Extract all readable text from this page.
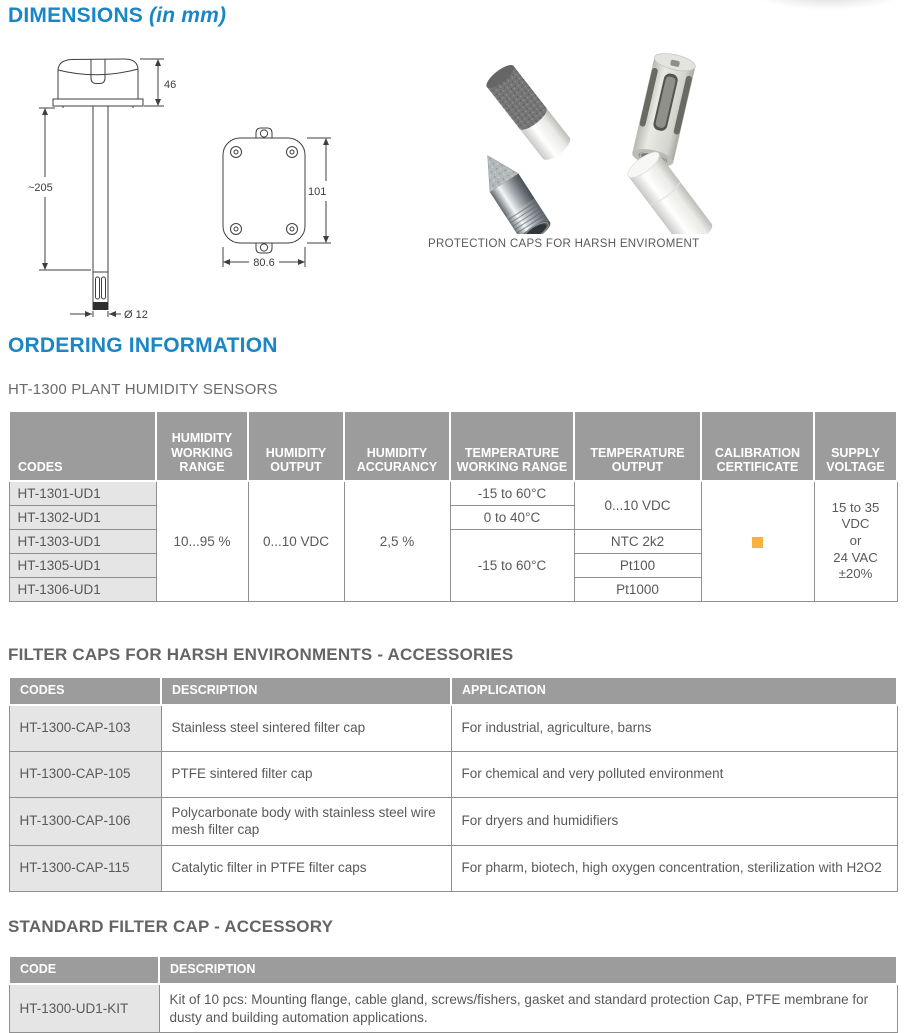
DIMENSIONS (in mm)
46
~205
Ø 12
101
80.6
PROTECTION CAPS FOR HARSH ENVIROMENT
ORDERING INFORMATION
HT-1300 PLANT HUMIDITY SENSORS
CODES	HUMIDITY WORKING RANGE	HUMIDITY OUTPUT	HUMIDITY ACCURANCY	TEMPERATURE WORKING RANGE	TEMPERATURE OUTPUT	CALIBRATION CERTIFICATE	SUPPLY VOLTAGE
HT-1301-UD1	10...95 %	0...10 VDC	2,5 %	-15 to 60°C	0...10 VDC		15 to 35
VDC
or
24 VAC
±20%

HT-1302-UD1				0 to 40°C			
HT-1303-UD1				-15 to 60°C	NTC 2k2		
HT-1305-UD1					Pt100		
HT-1306-UD1					Pt1000		
FILTER CAPS FOR HARSH ENVIRONMENTS - ACCESSORIES
CODES	DESCRIPTION	APPLICATION
HT-1300-CAP-103	Stainless steel sintered filter cap	For industrial, agriculture, barns
HT-1300-CAP-105	PTFE sintered filter cap	For chemical and very polluted environment
HT-1300-CAP-106	Polycarbonate body with stainless steel wire mesh filter cap	For dryers and humidifiers
HT-1300-CAP-115	Catalytic filter in PTFE filter caps	For pharm, biotech, high oxygen concentration, sterilization with H2O2
STANDARD FILTER CAP - ACCESSORY
CODE	DESCRIPTION
HT-1300-UD1-KIT	Kit of 10 pcs: Mounting flange, cable gland, screws/fishers, gasket and standard protection Cap, PTFE membrane for dusty and building automation applications.
